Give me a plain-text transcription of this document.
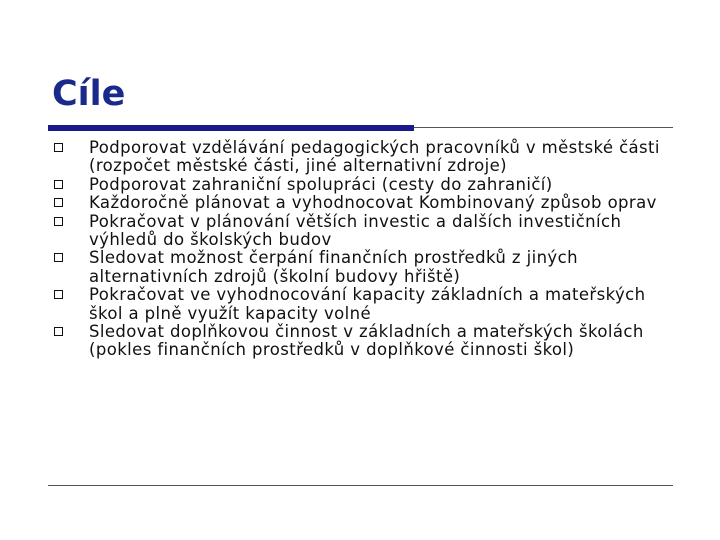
Cíle
Podporovat vzdělávání pedagogických pracovníků v městské části (rozpočet městské části, jiné alternativní zdroje)
Podporovat zahraniční spolupráci (cesty do zahraničí)
Každoročně plánovat a vyhodnocovat Kombinovaný způsob oprav
Pokračovat v plánování větších investic a dalších investičních výhledů do školských budov
Sledovat možnost čerpání finančních prostředků z jiných alternativních zdrojů (školní budovy hřiště)
Pokračovat ve vyhodnocování kapacity základních a mateřských škol a plně využít kapacity volné
Sledovat doplňkovou činnost v základních a mateřských školách (pokles finančních prostředků v doplňkové činnosti škol)
